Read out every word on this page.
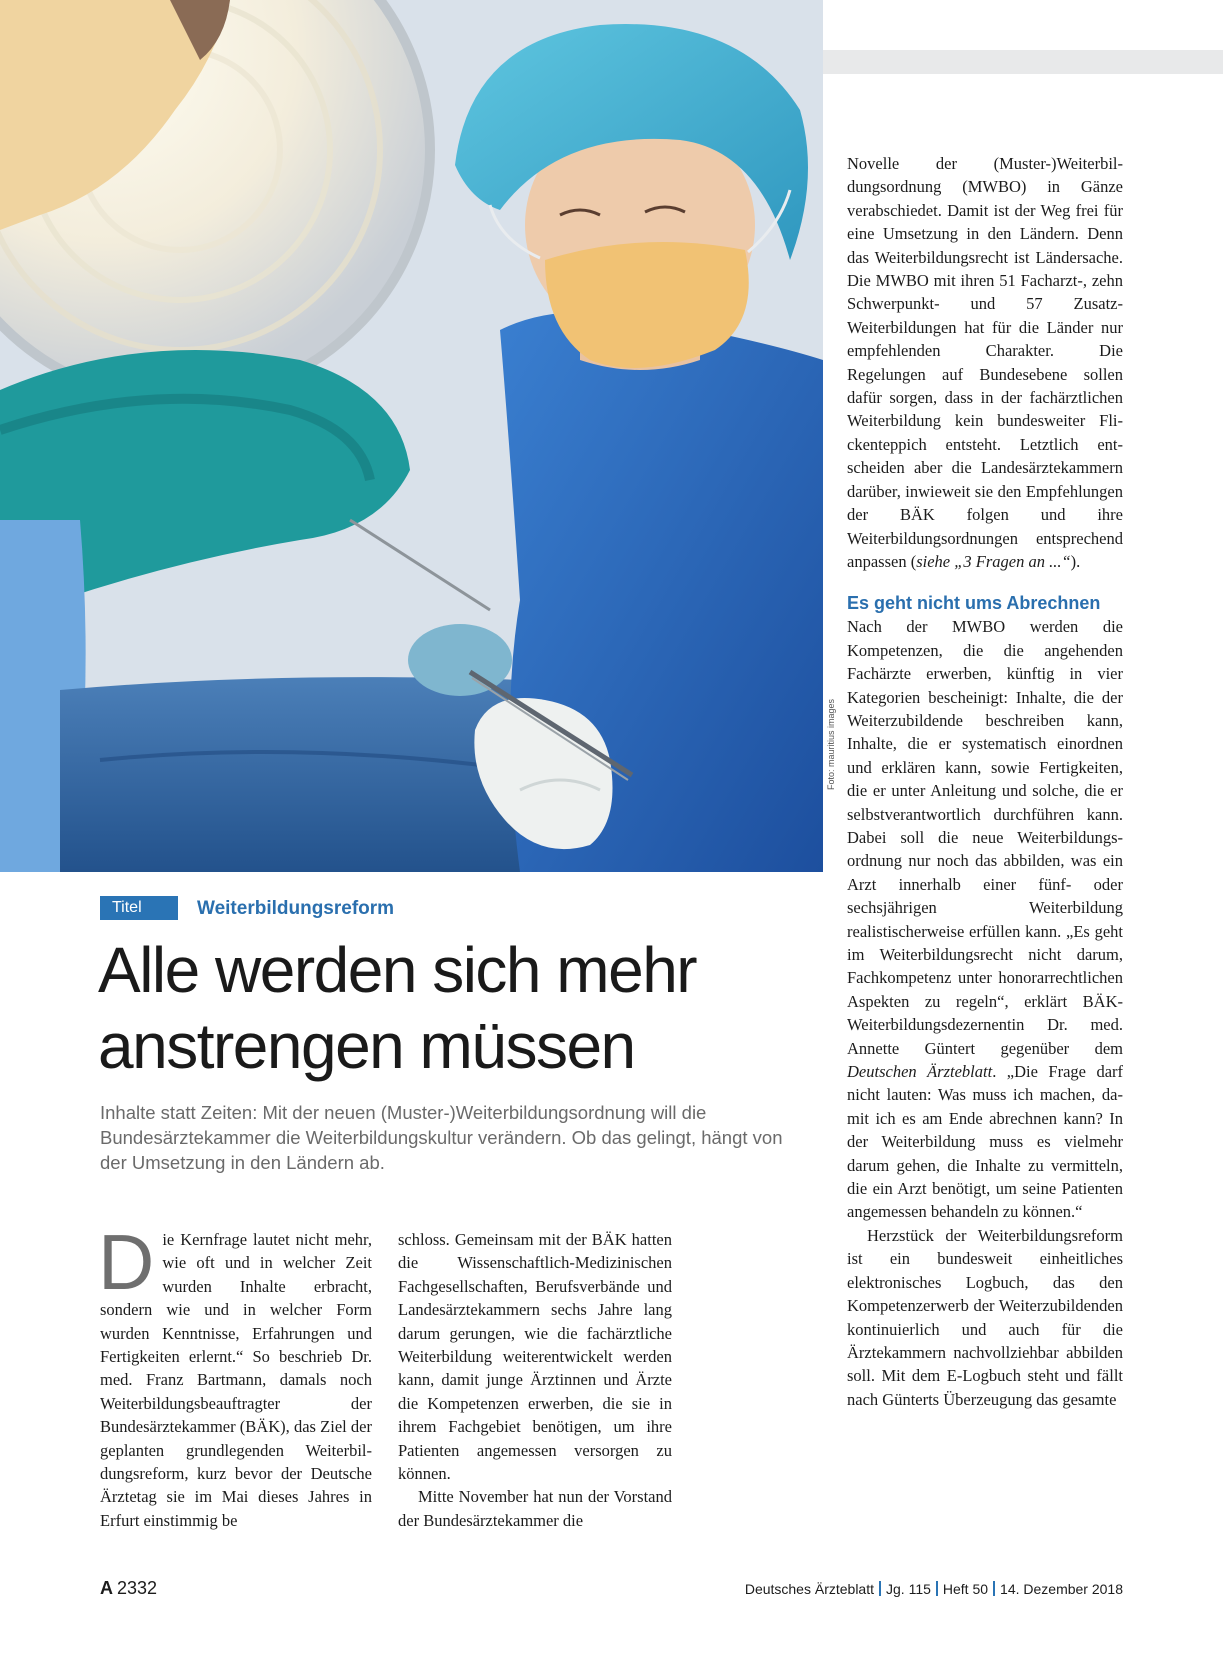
Foto: mauritius images
Titel	Weiterbildungsreform
Alle werden sich mehr
anstrengen müssen

Inhalte statt Zeiten: Mit der neuen (Muster-)Weiterbildungsordnung will die Bundesärztekammer die Weiterbildungskultur verändern. Ob das gelingt, hängt von der Umsetzung in den Ländern ab.

Die Kernfrage lautet nicht mehr, wie oft und in welcher Zeit wurden Inhalte erbracht, sondern wie und in welcher Form wurden Kenntnisse, Erfahrungen und Fertigkeiten erlernt.“ So beschrieb Dr. med. Franz Bartmann, damals noch Weiterbildungsbeauftragter der Bundesärztekammer (BÄK), das Ziel der geplanten grundlegenden Weiterbildungsreform, kurz bevor der Deutsche Ärztetag sie im Mai dieses Jahres in Erfurt einstimmig be

schloss. Gemeinsam mit der BÄK hatten die Wissenschaftlich-Medizinischen Fachgesellschaften, Berufsverbände und Landesärztekammern sechs Jahre lang darum gerungen, wie die fachärztliche Weiterbildung weiterentwickelt werden kann, damit junge Ärztinnen und Ärzte die Kompetenzen erwerben, die sie in ihrem Fachgebiet benötigen, um ihre Patienten angemessen versorgen zu können.

Mitte November hat nun der Vorstand der Bundesärztekammer die

Novelle der (Muster-)Weiterbildungsordnung (MWBO) in Gänze verabschiedet. Damit ist der Weg frei für eine Umsetzung in den Ländern. Denn das Weiterbildungsrecht ist Ländersache. Die MWBO mit ihren 51 Facharzt-, zehn Schwerpunkt- und 57 Zusatz-Weiterbildungen hat für die Länder nur empfehlenden Charakter. Die Regelungen auf Bundesebene sollen dafür sorgen, dass in der fachärztlichen Weiterbildung kein bundesweiter Flickenteppich entsteht. Letztlich entscheiden aber die Landesärztekammern darüber, inwieweit sie den Empfehlungen der BÄK folgen und ihre Weiterbildungsordnungen entsprechend anpassen (siehe „3 Fragen an ...“).

Es geht nicht ums Abrechnen

Nach der MWBO werden die Kompetenzen, die die angehenden Fachärzte erwerben, künftig in vier Kategorien bescheinigt: Inhalte, die der Weiterzubildende beschreiben kann, Inhalte, die er systematisch einordnen und erklären kann, sowie Fertigkeiten, die er unter Anleitung und solche, die er selbstverantwortlich durchführen kann. Dabei soll die neue Weiterbildungsordnung nur noch das abbilden, was ein Arzt innerhalb einer fünf- oder sechsjährigen Weiterbildung realistischerweise erfüllen kann. „Es geht im Weiterbildungsrecht nicht darum, Fachkompetenz unter honorarrechtlichen Aspekten zu regeln“, erklärt BÄK-Weiterbildungsdezernentin Dr. med. Annette Güntert gegenüber dem Deutschen Ärzteblatt. „Die Frage darf nicht lauten: Was muss ich machen, damit ich es am Ende abrechnen kann? In der Weiterbildung muss es vielmehr darum gehen, die Inhalte zu vermitteln, die ein Arzt benötigt, um seine Patienten angemessen behandeln zu können.“

Herzstück der Weiterbildungsreform ist ein bundesweit einheitliches elektronisches Logbuch, das den Kompetenzerwerb der Weiterzubildenden kontinuierlich und auch für die Ärztekammern nachvollziehbar abbilden soll. Mit dem E-Logbuch steht und fällt nach Günterts Überzeugung das gesamte

A 2332	Deutsches Ärzteblatt Jg. 115 Heft 50 14. Dezember 2018
